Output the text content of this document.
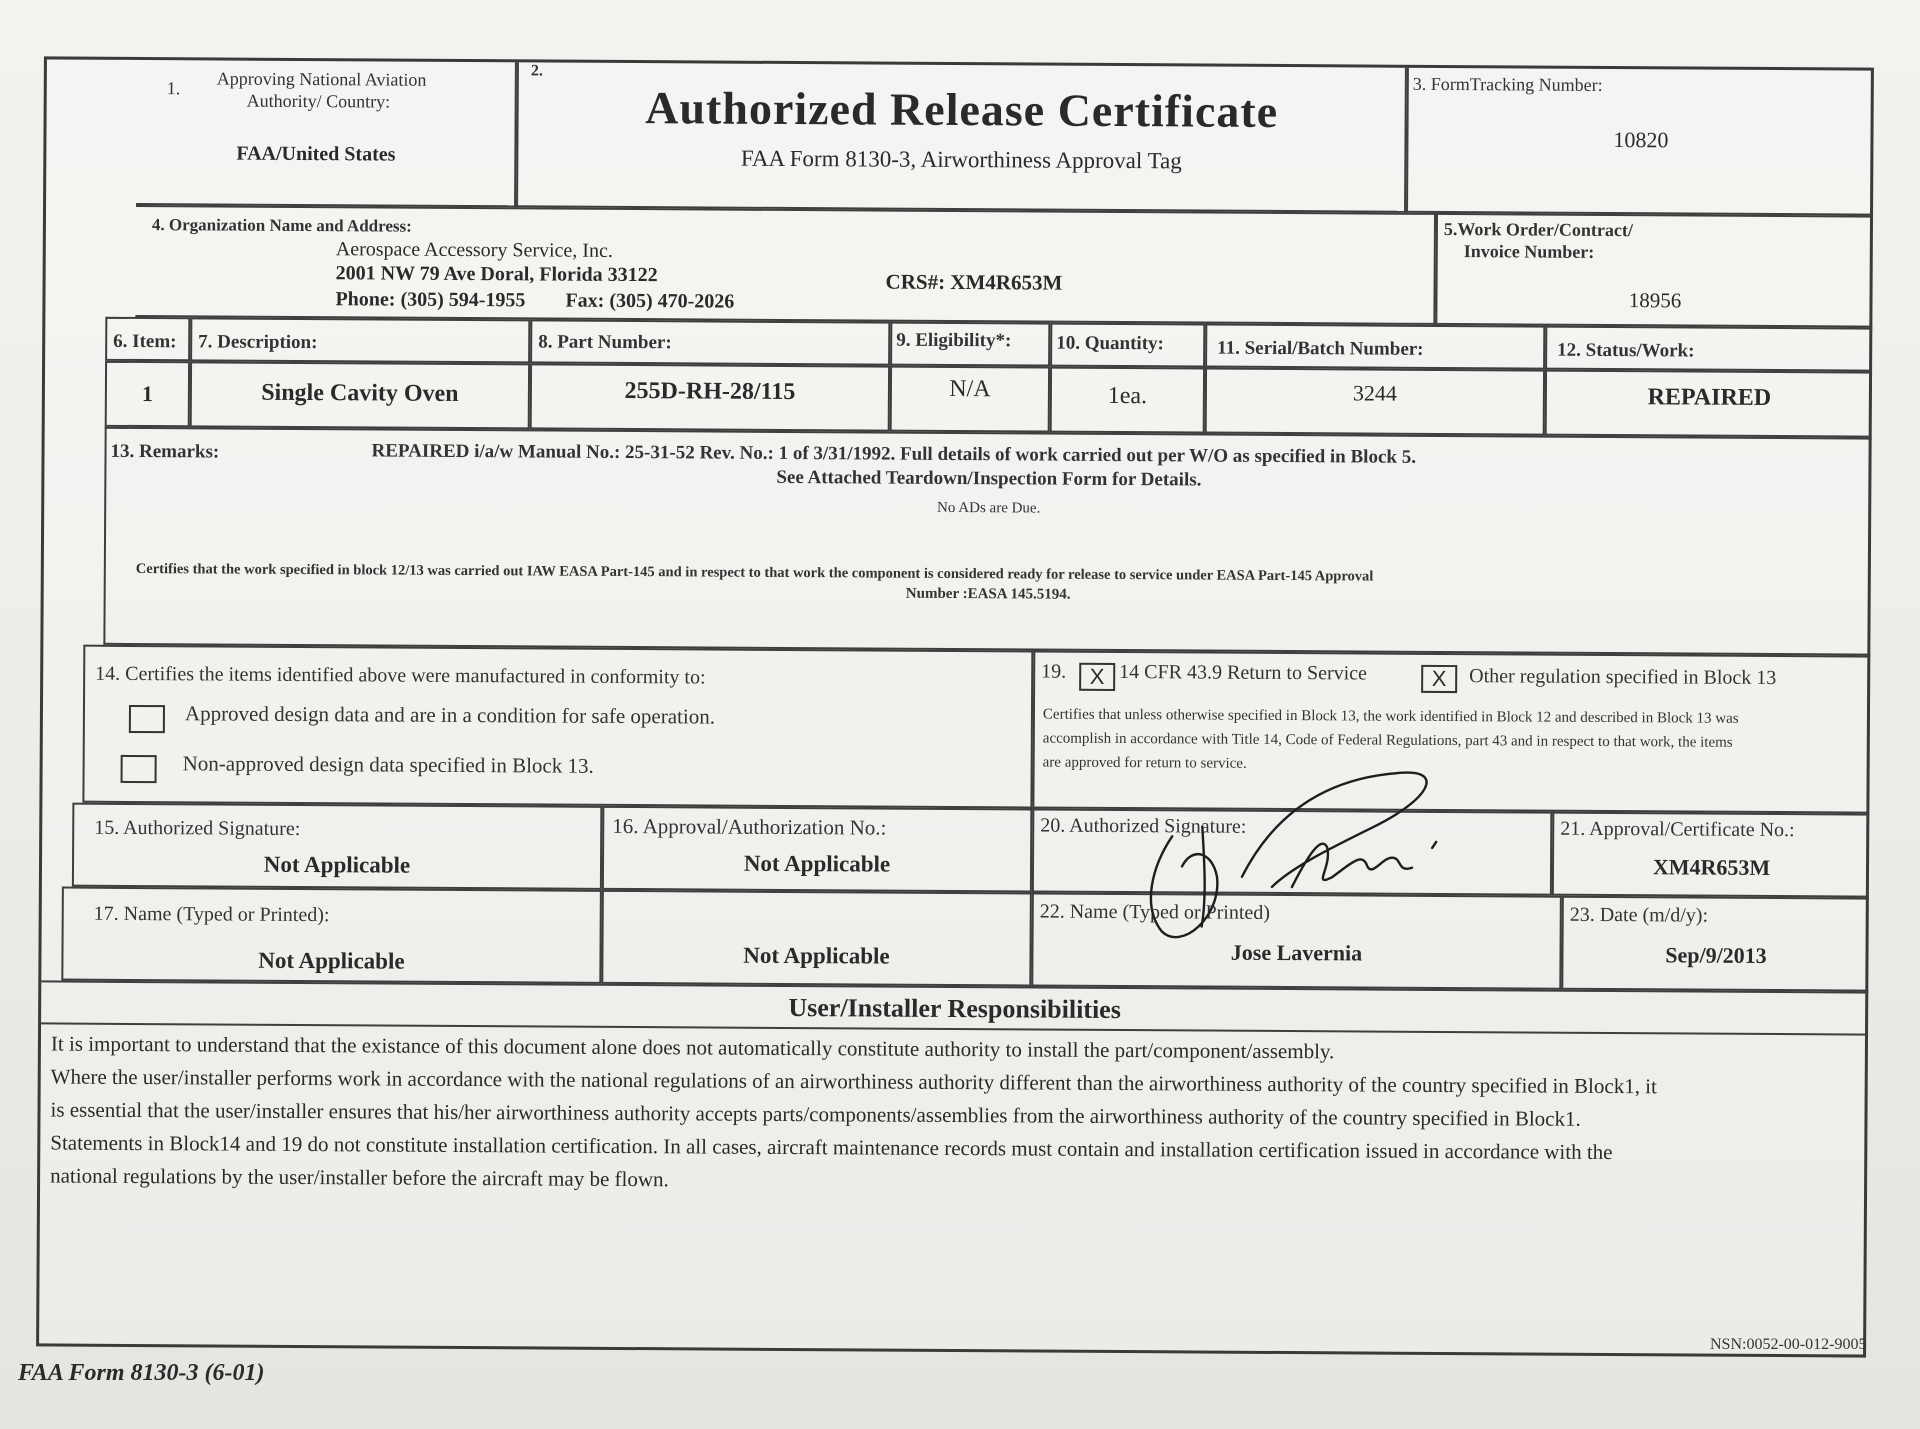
1. Approving National Aviation
Authority/ Country:
FAA/United States
2.
Authorized Release Certificate
FAA Form 8130-3, Airworthiness Approval Tag
3. FormTracking Number:
10820
4. Organization Name and Address:
Aerospace Accessory Service, Inc.
2001 NW 79 Ave Doral, Florida 33122
Phone: (305) 594-1955 Fax: (305) 470-2026
CRS#: XM4R653M
5.Work Order/Contract/
Invoice Number:
18956
6. Item: 7. Description:	8. Part Number:	9. Eligibility*: 10. Quantity:	11. Serial/Batch Number:	12. Status/Work:
1	Single Cavity Oven	255D-RH-28/115	N/A	1ea.	3244	REPAIRED
13. Remarks:	REPAIRED i/a/w Manual No.: 25-31-52 Rev. No.: 1 of 3/31/1992. Full details of work carried out per W/O as specified in Block 5.
See Attached Teardown/Inspection Form for Details.
No ADs are Due.
Certifies that the work specified in block 12/13 was carried out IAW EASA Part-145 and in respect to that work the component is considered ready for release to service under EASA Part-145 Approval
Number :EASA 145.5194.
14. Certifies the items identified above were manufactured in conformity to:
Approved design data and are in a condition for safe operation.
Non-approved design data specified in Block 13.
19.	X 14 CFR 43.9 Return to Service	X	Other regulation specified in Block 13
Certifies that unless otherwise specified in Block 13, the work identified in Block 12 and described in Block 13 was
accomplish in accordance with Title 14, Code of Federal Regulations, part 43 and in respect to that work, the items
are approved for return to service.
15. Authorized Signature:
Not Applicable
16. Approval/Authorization No.:
Not Applicable
20. Authorized Signature:	21. Approval/Certificate No.:
XM4R653M
17. Name (Typed or Printed):
Not Applicable	Not Applicable
22. Name (Typed or Printed)
Jose Lavernia
23. Date (m/d/y):
Sep/9/2013
User/Installer Responsibilities
It is important to understand that the existance of this document alone does not automatically constitute authority to install the part/component/assembly.
Where the user/installer performs work in accordance with the national regulations of an airworthiness authority different than the airworthiness authority of the country specified in Block1, it
is essential that the user/installer ensures that his/her airworthiness authority accepts parts/components/assemblies from the airworthiness authority of the country specified in Block1.
Statements in Block14 and 19 do not constitute installation certification. In all cases, aircraft maintenance records must contain and installation certification issued in accordance with the
national regulations by the user/installer before the aircraft may be flown.
FAA Form 8130-3 (6-01)
NSN:0052-00-012-9005
